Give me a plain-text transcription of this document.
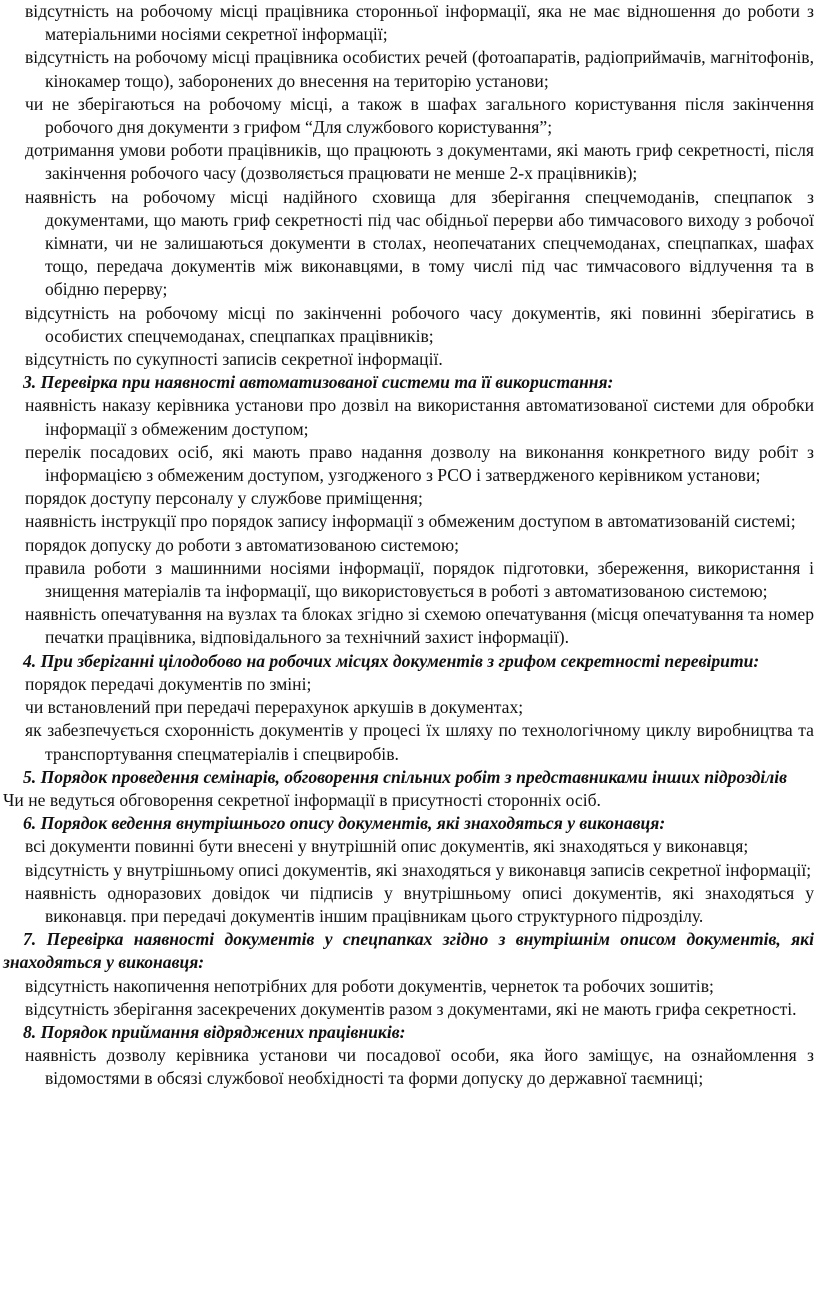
відсутність на робочому місці працівника сторонньої інформації, яка не має відношення до роботи з матеріальними носіями секретної інформації;

відсутність на робочому місці працівника особистих речей (фотоапаратів, радіоприймачів, магнітофонів, кінокамер тощо), заборонених до внесення на територію установи;

чи не зберігаються на робочому місці, а також в шафах загального користування після закінчення робочого дня документи з грифом “Для службового користування”;

дотримання умови роботи працівників, що працюють з документами, які мають гриф секретності, після закінчення робочого часу (дозволяється працювати не менше 2-х працівників);

наявність на робочому місці надійного сховища для зберігання спецчемоданів, спецпапок з документами, що мають гриф секретності під час обідньої перерви або тимчасового виходу з робочої кімнати, чи не залишаються документи в столах, неопечатаних спецчемоданах, спецпапках, шафах тощо, передача документів між виконавцями, в тому числі під час тимчасового відлучення та в обідню перерву;

відсутність на робочому місці по закінченні робочого часу документів, які повинні зберігатись в особистих спецчемоданах, спецпапках працівників;

відсутність по сукупності записів секретної інформації.

3. Перевірка при наявності автоматизованої системи та її використання:

наявність наказу керівника установи про дозвіл на використання автоматизованої системи для обробки інформації з обмеженим доступом;

перелік посадових осіб, які мають право надання дозволу на виконання конкретного виду робіт з інформацією з обмеженим доступом, узгодженого з РСО і затвердженого керівником установи;

порядок доступу персоналу у службове приміщення;

наявність інструкції про порядок запису інформації з обмеженим доступом в автоматизованій системі;

порядок допуску до роботи з автоматизованою системою;

правила роботи з машинними носіями інформації, порядок підготовки, збереження, використання і знищення матеріалів та інформації, що використовується в роботі з автоматизованою системою;

наявність опечатування на вузлах та блоках згідно зі схемою опечатування (місця опечатування та номер печатки працівника, відповідального за технічний захист інформації).

4. При зберіганні цілодобово на робочих місцях документів з грифом секретності перевірити:

порядок передачі документів по зміні;

чи встановлений при передачі перерахунок аркушів в документах;

як забезпечується схоронність документів у процесі їх шляху по технологічному циклу виробництва та транспортування спецматеріалів і спецвиробів.

5. Порядок проведення семінарів, обговорення спільних робіт з представниками інших підрозділів

Чи не ведуться обговорення секретної інформації в присутності сторонніх осіб.

6. Порядок ведення внутрішнього опису документів, які знаходяться у виконавця:

всі документи повинні бути внесені у внутрішній опис документів, які знаходяться у виконавця;

відсутність у внутрішньому описі документів, які знаходяться у виконавця записів секретної інформації;

наявність одноразових довідок чи підписів у внутрішньому описі документів, які знаходяться у виконавця. при передачі документів іншим працівникам цього структурного підрозділу.

7. Перевірка наявності документів у спецпапках згідно з внутрішнім описом документів, які знаходяться у виконавця:

відсутність накопичення непотрібних для роботи документів, чернеток та робочих зошитів;

відсутність зберігання засекречених документів разом з документами, які не мають грифа секретності.

8. Порядок приймання відряджених працівників:

наявність дозволу керівника установи чи посадової особи, яка його заміщує, на ознайомлення з відомостями в обсязі службової необхідності та форми допуску до державної таємниці;
